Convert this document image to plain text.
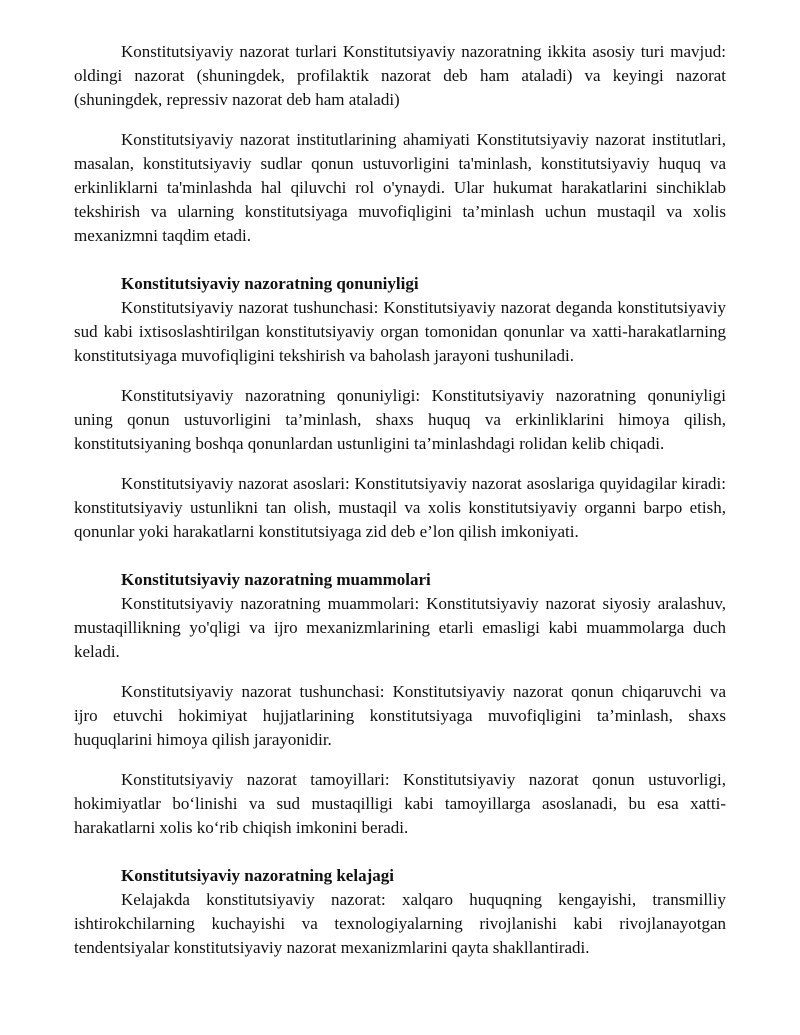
Konstitutsiyaviy nazorat turlari Konstitutsiyaviy nazoratning ikkita asosiy turi mavjud: oldingi nazorat (shuningdek, profilaktik nazorat deb ham ataladi) va keyingi nazorat (shuningdek, repressiv nazorat deb ham ataladi)

Konstitutsiyaviy nazorat institutlarining ahamiyati Konstitutsiyaviy nazorat institutlari, masalan, konstitutsiyaviy sudlar qonun ustuvorligini ta'minlash, konstitutsiyaviy huquq va erkinliklarni ta'minlashda hal qiluvchi rol o'ynaydi. Ular hukumat harakatlarini sinchiklab tekshirish va ularning konstitutsiyaga muvofiqligini ta’minlash uchun mustaqil va xolis mexanizmni taqdim etadi.

Konstitutsiyaviy nazoratning qonuniyligi

Konstitutsiyaviy nazorat tushunchasi: Konstitutsiyaviy nazorat deganda konstitutsiyaviy sud kabi ixtisoslashtirilgan konstitutsiyaviy organ tomonidan qonunlar va xatti-harakatlarning konstitutsiyaga muvofiqligini tekshirish va baholash jarayoni tushuniladi.

Konstitutsiyaviy nazoratning qonuniyligi: Konstitutsiyaviy nazoratning qonuniyligi uning qonun ustuvorligini ta’minlash, shaxs huquq va erkinliklarini himoya qilish, konstitutsiyaning boshqa qonunlardan ustunligini ta’minlashdagi rolidan kelib chiqadi.

Konstitutsiyaviy nazorat asoslari: Konstitutsiyaviy nazorat asoslariga quyidagilar kiradi: konstitutsiyaviy ustunlikni tan olish, mustaqil va xolis konstitutsiyaviy organni barpo etish, qonunlar yoki harakatlarni konstitutsiyaga zid deb e’lon qilish imkoniyati.

Konstitutsiyaviy nazoratning muammolari

Konstitutsiyaviy nazoratning muammolari: Konstitutsiyaviy nazorat siyosiy aralashuv, mustaqillikning yo'qligi va ijro mexanizmlarining etarli emasligi kabi muammolarga duch keladi.

Konstitutsiyaviy nazorat tushunchasi: Konstitutsiyaviy nazorat qonun chiqaruvchi va ijro etuvchi hokimiyat hujjatlarining konstitutsiyaga muvofiqligini ta’minlash, shaxs huquqlarini himoya qilish jarayonidir.

Konstitutsiyaviy nazorat tamoyillari: Konstitutsiyaviy nazorat qonun ustuvorligi, hokimiyatlar bo‘linishi va sud mustaqilligi kabi tamoyillarga asoslanadi, bu esa xatti-harakatlarni xolis ko‘rib chiqish imkonini beradi.

Konstitutsiyaviy nazoratning kelajagi

Kelajakda konstitutsiyaviy nazorat: xalqaro huquqning kengayishi, transmilliy ishtirokchilarning kuchayishi va texnologiyalarning rivojlanishi kabi rivojlanayotgan tendentsiyalar konstitutsiyaviy nazorat mexanizmlarini qayta shakllantiradi.
